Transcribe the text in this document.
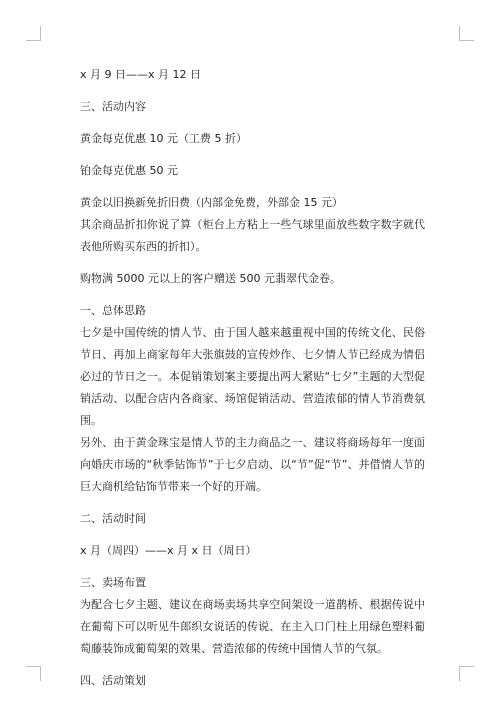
x 月 9 日——x 月 12 日

三、活动内容

黄金每克优惠 10 元（工费 5 折）

铂金每克优惠 50 元

黄金以旧换新免折旧费（内部金免费，外部金 15 元）

其余商品折扣你说了算（柜台上方粘上一些气球里面放些数字数字就代表他所购买东西的折扣）。

购物满 5000 元以上的客户赠送 500 元翡翠代金卷。

一、总体思路

七夕是中国传统的情人节、由于国人越来越重视中国的传统文化、民俗节日、再加上商家每年大张旗鼓的宣传炒作、七夕情人节已经成为情侣必过的节日之一。本促销策划案主要提出两大紧贴“七夕”主题的大型促销活动、以配合店内各商家、场馆促销活动、营造浓郁的情人节消费氛围。

另外、由于黄金珠宝是情人节的主力商品之一、建议将商场每年一度面向婚庆市场的“秋季钻饰节”于七夕启动、以“节”促“节”、并借情人节的巨大商机给钻饰节带来一个好的开端。

二、活动时间

x 月（周四）——x 月 x 日（周日）

三、卖场布置

为配合七夕主题、建议在商场卖场共享空间架设一道鹊桥、根据传说中在葡萄下可以听见牛郎织女说话的传说、在主入口门柱上用绿色塑料葡萄藤装饰成葡萄架的效果、营造浓郁的传统中国情人节的气氛。

四、活动策划
